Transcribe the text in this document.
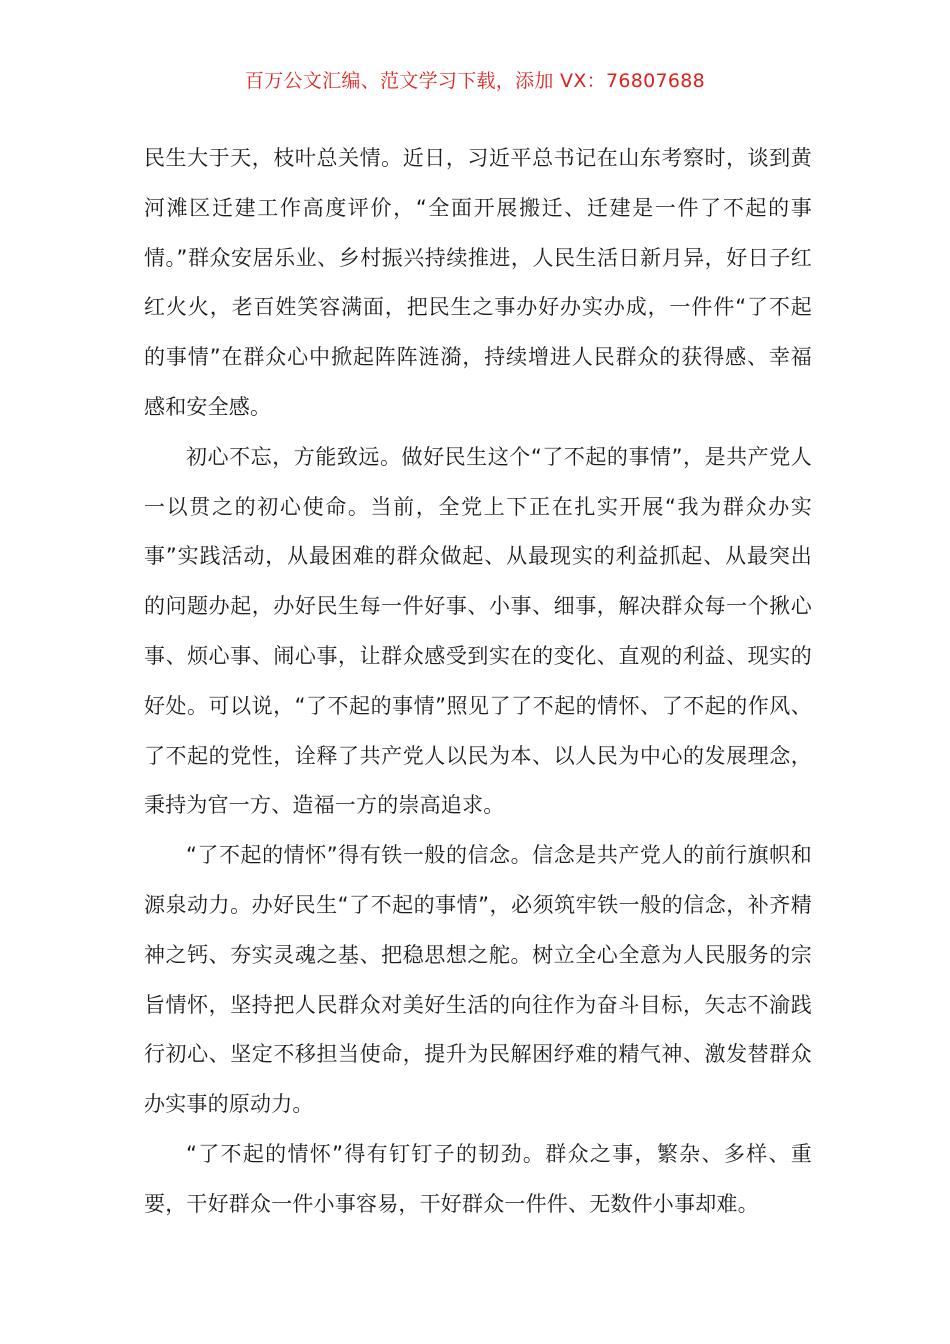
百万公文汇编、范文学习下载，添加 VX：76807688

民生大于天，枝叶总关情。近日，习近平总书记在山东考察时，谈到黄河滩区迁建工作高度评价，“全面开展搬迁、迁建是一件了不起的事情。”群众安居乐业、乡村振兴持续推进，人民生活日新月异，好日子红红火火，老百姓笑容满面，把民生之事办好办实办成，一件件“了不起的事情”在群众心中掀起阵阵涟漪，持续增进人民群众的获得感、幸福感和安全感。

初心不忘，方能致远。做好民生这个“了不起的事情”，是共产党人一以贯之的初心使命。当前，全党上下正在扎实开展“我为群众办实事”实践活动，从最困难的群众做起、从最现实的利益抓起、从最突出的问题办起，办好民生每一件好事、小事、细事，解决群众每一个揪心事、烦心事、闹心事，让群众感受到实在的变化、直观的利益、现实的好处。可以说，“了不起的事情”照见了了不起的情怀、了不起的作风、了不起的党性，诠释了共产党人以民为本、以人民为中心的发展理念，秉持为官一方、造福一方的崇高追求。

“了不起的情怀”得有铁一般的信念。信念是共产党人的前行旗帜和源泉动力。办好民生“了不起的事情”，必须筑牢铁一般的信念，补齐精神之钙、夯实灵魂之基、把稳思想之舵。树立全心全意为人民服务的宗旨情怀，坚持把人民群众对美好生活的向往作为奋斗目标，矢志不渝践行初心、坚定不移担当使命，提升为民解困纾难的精气神、激发替群众办实事的原动力。

“了不起的情怀”得有钉钉子的韧劲。群众之事，繁杂、多样、重要，干好群众一件小事容易，干好群众一件件、无数件小事却难。
